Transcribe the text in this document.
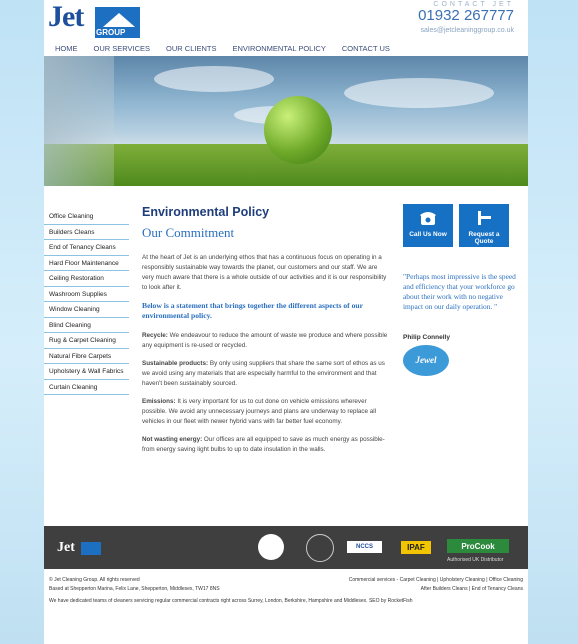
Jet GROUP
CONTACT JET
01932 267777
sales@jetcleaninggroup.co.uk
HOME	OUR SERVICES	OUR CLIENTS	ENVIRONMENTAL POLICY	CONTACT US
Office Cleaning
Builders Cleans
End of Tenancy Cleans
Hard Floor Maintenance
Ceiling Restoration
Washroom Supplies
Window Cleaning
Blind Cleaning
Rug & Carpet Cleaning
Natural Fibre Carpets
Upholstery & Wall Fabrics
Curtain Cleaning
Environmental Policy
Our Commitment

At the heart of Jet is an underlying ethos that has a continuous focus on operating in a responsibly sustainable way towards the planet, our customers and our staff. We are very much aware that there is a whole outside of our activities and it is our responsibility to look after it.

Below is a statement that brings together the different aspects of our environmental policy.

Recycle: We endeavour to reduce the amount of waste we produce and where possible any equipment is re-used or recycled.

Sustainable products: By only using suppliers that share the same sort of ethos as us we avoid using any materials that are especially harmful to the environment and that haven't been sustainably sourced.

Emissions: It is very important for us to cut done on vehicle emissions wherever possible. We avoid any unnecessary journeys and plans are underway to replace all vehicles in our fleet with newer hybrid vans with far better fuel economy.

Not wasting energy: Our offices are all equipped to save as much energy as possible- from energy saving light bulbs to up to date insulation in the walls.

Call Us Now	Request a Quote
"Perhaps most impressive is the speed and efficiency that your workforce go about their work with no negative impact on our daily operation. "
Philip Connelly
Jewel
Jet	NCCS	IPAF	ProCook
Authorised UK Distributor
© Jet Cleaning Group. All rights reserved
Based at Shepperton Marina, Felix Lane, Shepperton, Middlesex, TW17 8NS
Commercial services - Carpet Cleaning | Upholstery Cleaning | Office Cleaning
After Builders Cleans | End of Tenancy Cleans
We have dedicated teams of cleaners servicing regular commercial contracts right across Surrey, London, Berkshire, Hampshire and Middlesex. SEO by RocketFish
